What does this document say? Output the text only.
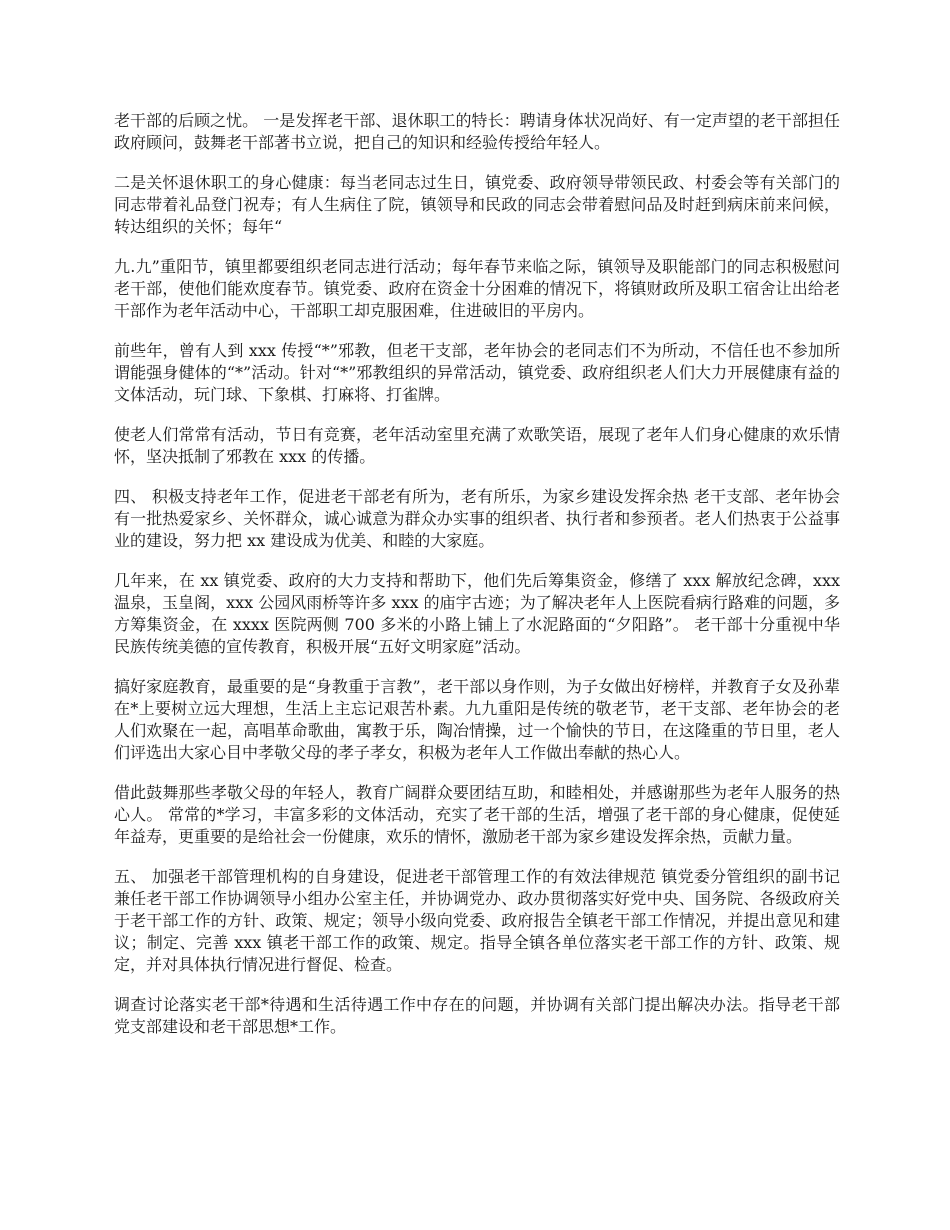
老干部的后顾之忧。 一是发挥老干部、退休职工的特长：聘请身体状况尚好、有一定声望的老干部担任政府顾问，鼓舞老干部著书立说，把自己的知识和经验传授给年轻人。

二是关怀退休职工的身心健康：每当老同志过生日，镇党委、政府领导带领民政、村委会等有关部门的同志带着礼品登门祝寿；有人生病住了院，镇领导和民政的同志会带着慰问品及时赶到病床前来问候，转达组织的关怀；每年“

九.九”重阳节，镇里都要组织老同志进行活动；每年春节来临之际，镇领导及职能部门的同志积极慰问老干部，使他们能欢度春节。镇党委、政府在资金十分困难的情况下，将镇财政所及职工宿舍让出给老干部作为老年活动中心，干部职工却克服困难，住进破旧的平房内。

前些年，曾有人到 xxx 传授“*”邪教，但老干支部，老年协会的老同志们不为所动，不信任也不参加所谓能强身健体的“*”活动。针对“*”邪教组织的异常活动，镇党委、政府组织老人们大力开展健康有益的文体活动，玩门球、下象棋、打麻将、打雀牌。

使老人们常常有活动，节日有竞赛，老年活动室里充满了欢歌笑语，展现了老年人们身心健康的欢乐情怀，坚决抵制了邪教在 xxx 的传播。

四、 积极支持老年工作，促进老干部老有所为，老有所乐，为家乡建设发挥余热 老干支部、老年协会有一批热爱家乡、关怀群众，诚心诚意为群众办实事的组织者、执行者和参预者。老人们热衷于公益事业的建设，努力把 xx 建设成为优美、和睦的大家庭。

几年来，在 xx 镇党委、政府的大力支持和帮助下，他们先后筹集资金，修缮了 xxx 解放纪念碑，xxx 温泉，玉皇阁，xxx 公园风雨桥等许多 xxx 的庙宇古迹；为了解决老年人上医院看病行路难的问题，多方筹集资金，在 xxxx 医院两侧 700 多米的小路上铺上了水泥路面的“夕阳路”。 老干部十分重视中华民族传统美德的宣传教育，积极开展“五好文明家庭”活动。

搞好家庭教育，最重要的是“身教重于言教”，老干部以身作则，为子女做出好榜样，并教育子女及孙辈在*上要树立远大理想，生活上主忘记艰苦朴素。九九重阳是传统的敬老节，老干支部、老年协会的老人们欢聚在一起，高唱革命歌曲，寓教于乐，陶冶情操，过一个愉快的节日，在这隆重的节日里，老人们评选出大家心目中孝敬父母的孝子孝女，积极为老年人工作做出奉献的热心人。

借此鼓舞那些孝敬父母的年轻人，教育广阔群众要团结互助，和睦相处，并感谢那些为老年人服务的热心人。 常常的*学习，丰富多彩的文体活动，充实了老干部的生活，增强了老干部的身心健康，促使延年益寿，更重要的是给社会一份健康，欢乐的情怀，激励老干部为家乡建设发挥余热，贡献力量。

五、 加强老干部管理机构的自身建设，促进老干部管理工作的有效法律规范 镇党委分管组织的副书记兼任老干部工作协调领导小组办公室主任，并协调党办、政办贯彻落实好党中央、国务院、各级政府关于老干部工作的方针、政策、规定；领导小级向党委、政府报告全镇老干部工作情况，并提出意见和建议；制定、完善 xxx 镇老干部工作的政策、规定。指导全镇各单位落实老干部工作的方针、政策、规定，并对具体执行情况进行督促、检查。

调查讨论落实老干部*待遇和生活待遇工作中存在的问题，并协调有关部门提出解决办法。指导老干部党支部建设和老干部思想*工作。
